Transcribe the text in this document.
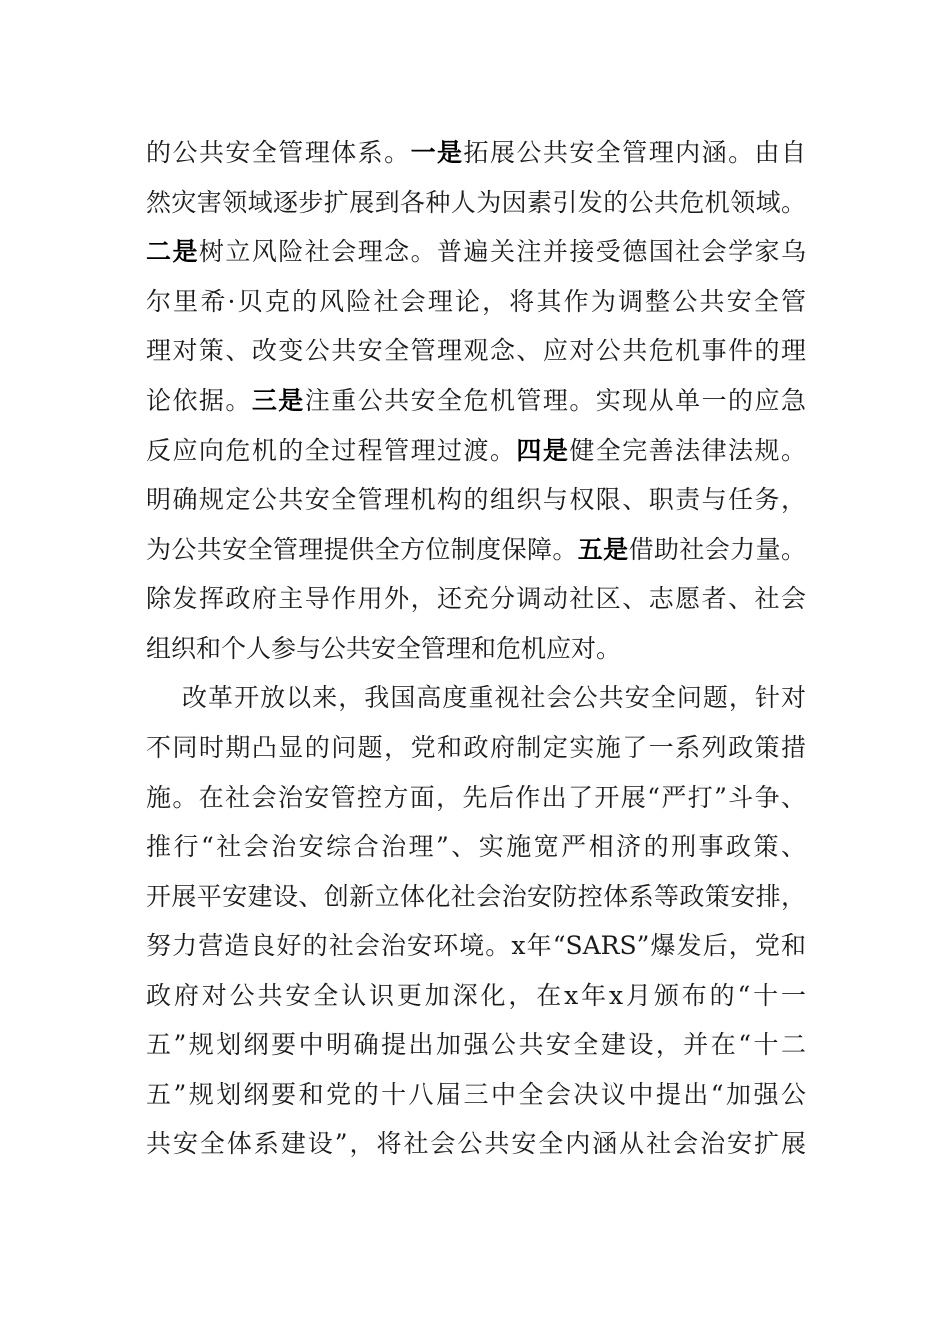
的公共安全管理体系。一是拓展公共安全管理内涵。由自
然灾害领域逐步扩展到各种人为因素引发的公共危机领域。
二是树立风险社会理念。普遍关注并接受德国社会学家乌
尔里希·贝克的风险社会理论，将其作为调整公共安全管
理对策、改变公共安全管理观念、应对公共危机事件的理
论依据。三是注重公共安全危机管理。实现从单一的应急
反应向危机的全过程管理过渡。四是健全完善法律法规。
明确规定公共安全管理机构的组织与权限、职责与任务，
为公共安全管理提供全方位制度保障。五是借助社会力量。
除发挥政府主导作用外，还充分调动社区、志愿者、社会
组织和个人参与公共安全管理和危机应对。
改革开放以来，我国高度重视社会公共安全问题，针对
不同时期凸显的问题，党和政府制定实施了一系列政策措
施。在社会治安管控方面，先后作出了开展“严打”斗争、
推行“社会治安综合治理”、实施宽严相济的刑事政策、
开展平安建设、创新立体化社会治安防控体系等政策安排，
努力营造良好的社会治安环境。x年“SARS”爆发后，党和
政府对公共安全认识更加深化，在x年x月颁布的“十一
五”规划纲要中明确提出加强公共安全建设，并在“十二
五”规划纲要和党的十八届三中全会决议中提出“加强公
共安全体系建设”，将社会公共安全内涵从社会治安扩展
